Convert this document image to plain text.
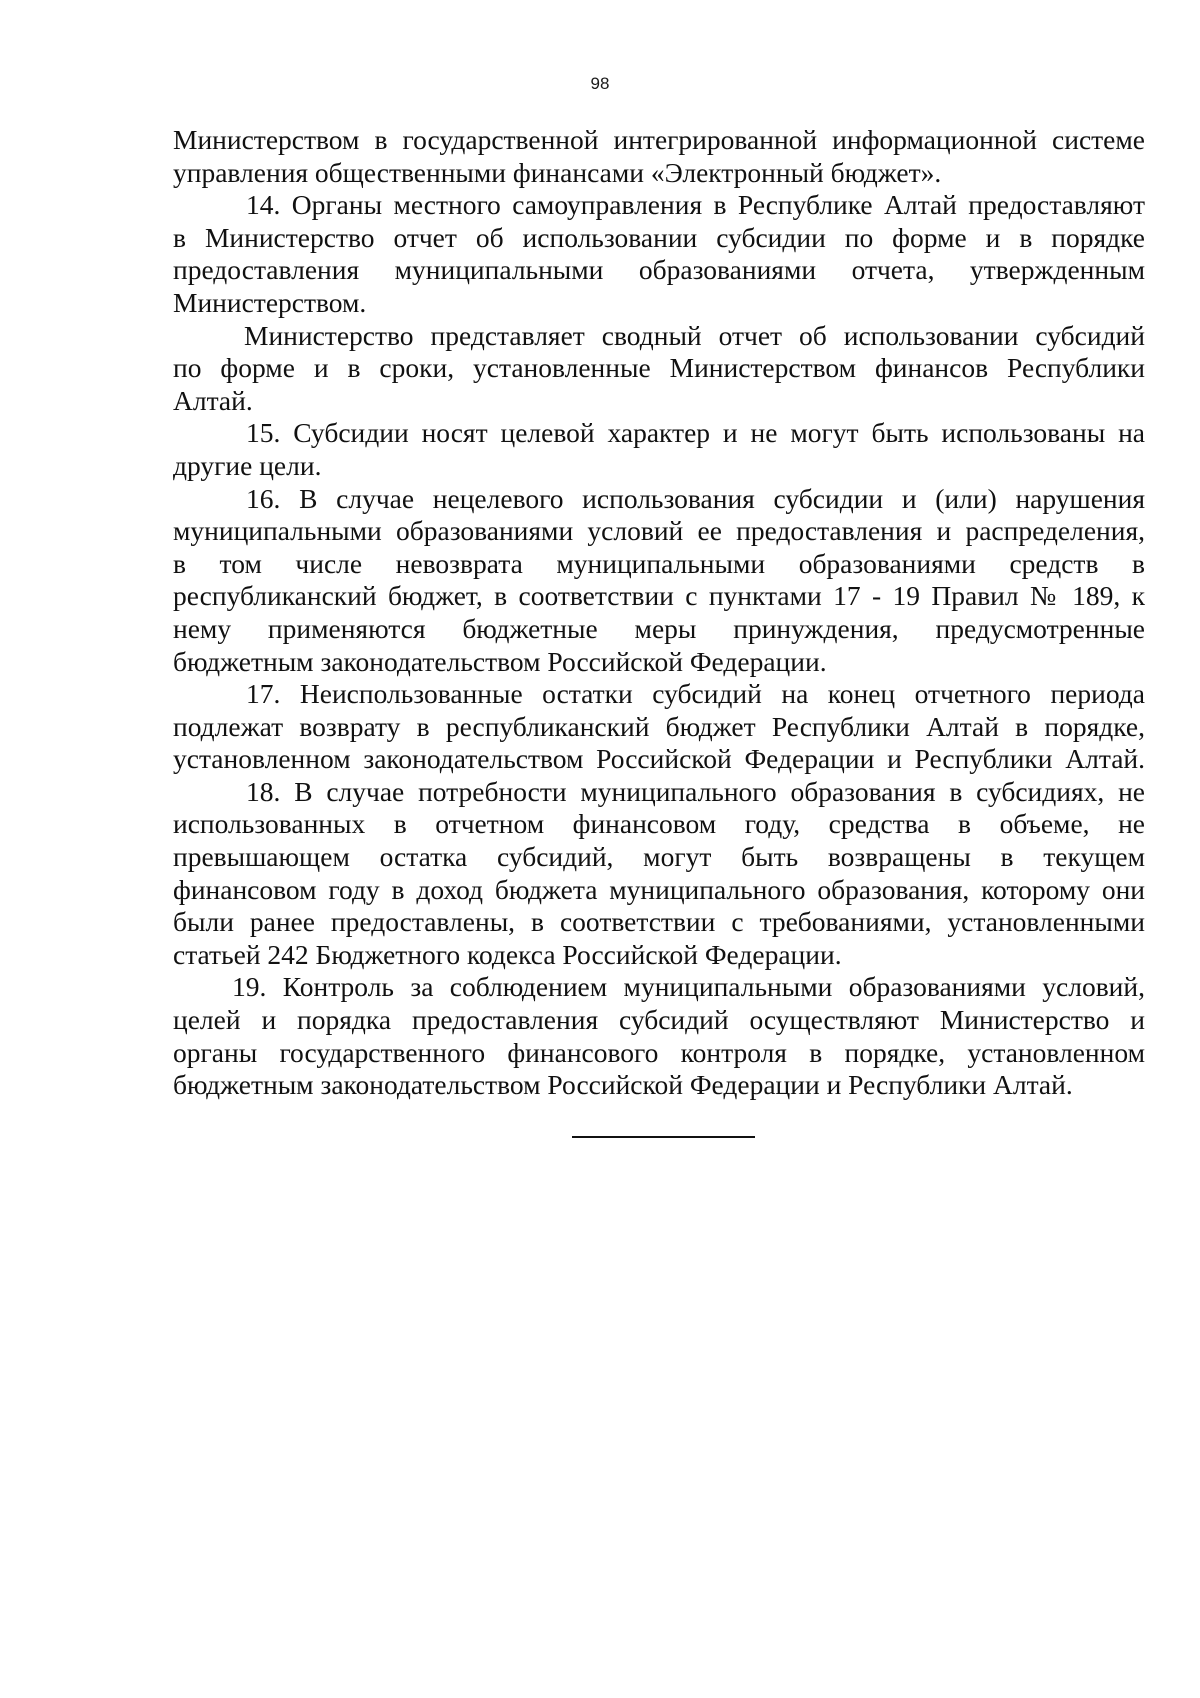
98
Министерством в государственной интегрированной информационной системе
управления общественными финансами «Электронный бюджет».
14. Органы местного самоуправления в Республике Алтай предоставляют
в Министерство отчет об использовании субсидии по форме и в порядке
предоставления муниципальными образованиями отчета, утвержденным
Министерством.
Министерство представляет сводный отчет об использовании субсидий
по форме и в сроки, установленные Министерством финансов Республики
Алтай.
15. Субсидии носят целевой характер и не могут быть использованы на
другие цели.
16. В случае нецелевого использования субсидии и (или) нарушения
муниципальными образованиями условий ее предоставления и распределения,
в том числе невозврата муниципальными образованиями средств в
республиканский бюджет, в соответствии с пунктами 17 - 19 Правил № 189, к
нему применяются бюджетные меры принуждения, предусмотренные
бюджетным законодательством Российской Федерации.
17. Неиспользованные остатки субсидий на конец отчетного периода
подлежат возврату в республиканский бюджет Республики Алтай в порядке,
установленном законодательством Российской Федерации и Республики Алтай.
18. В случае потребности муниципального образования в субсидиях, не
использованных в отчетном финансовом году, средства в объеме, не
превышающем остатка субсидий, могут быть возвращены в текущем
финансовом году в доход бюджета муниципального образования, которому они
были ранее предоставлены, в соответствии с требованиями, установленными
статьей 242 Бюджетного кодекса Российской Федерации.
19. Контроль за соблюдением муниципальными образованиями условий,
целей и порядка предоставления субсидий осуществляют Министерство и
органы государственного финансового контроля в порядке, установленном
бюджетным законодательством Российской Федерации и Республики Алтай.
